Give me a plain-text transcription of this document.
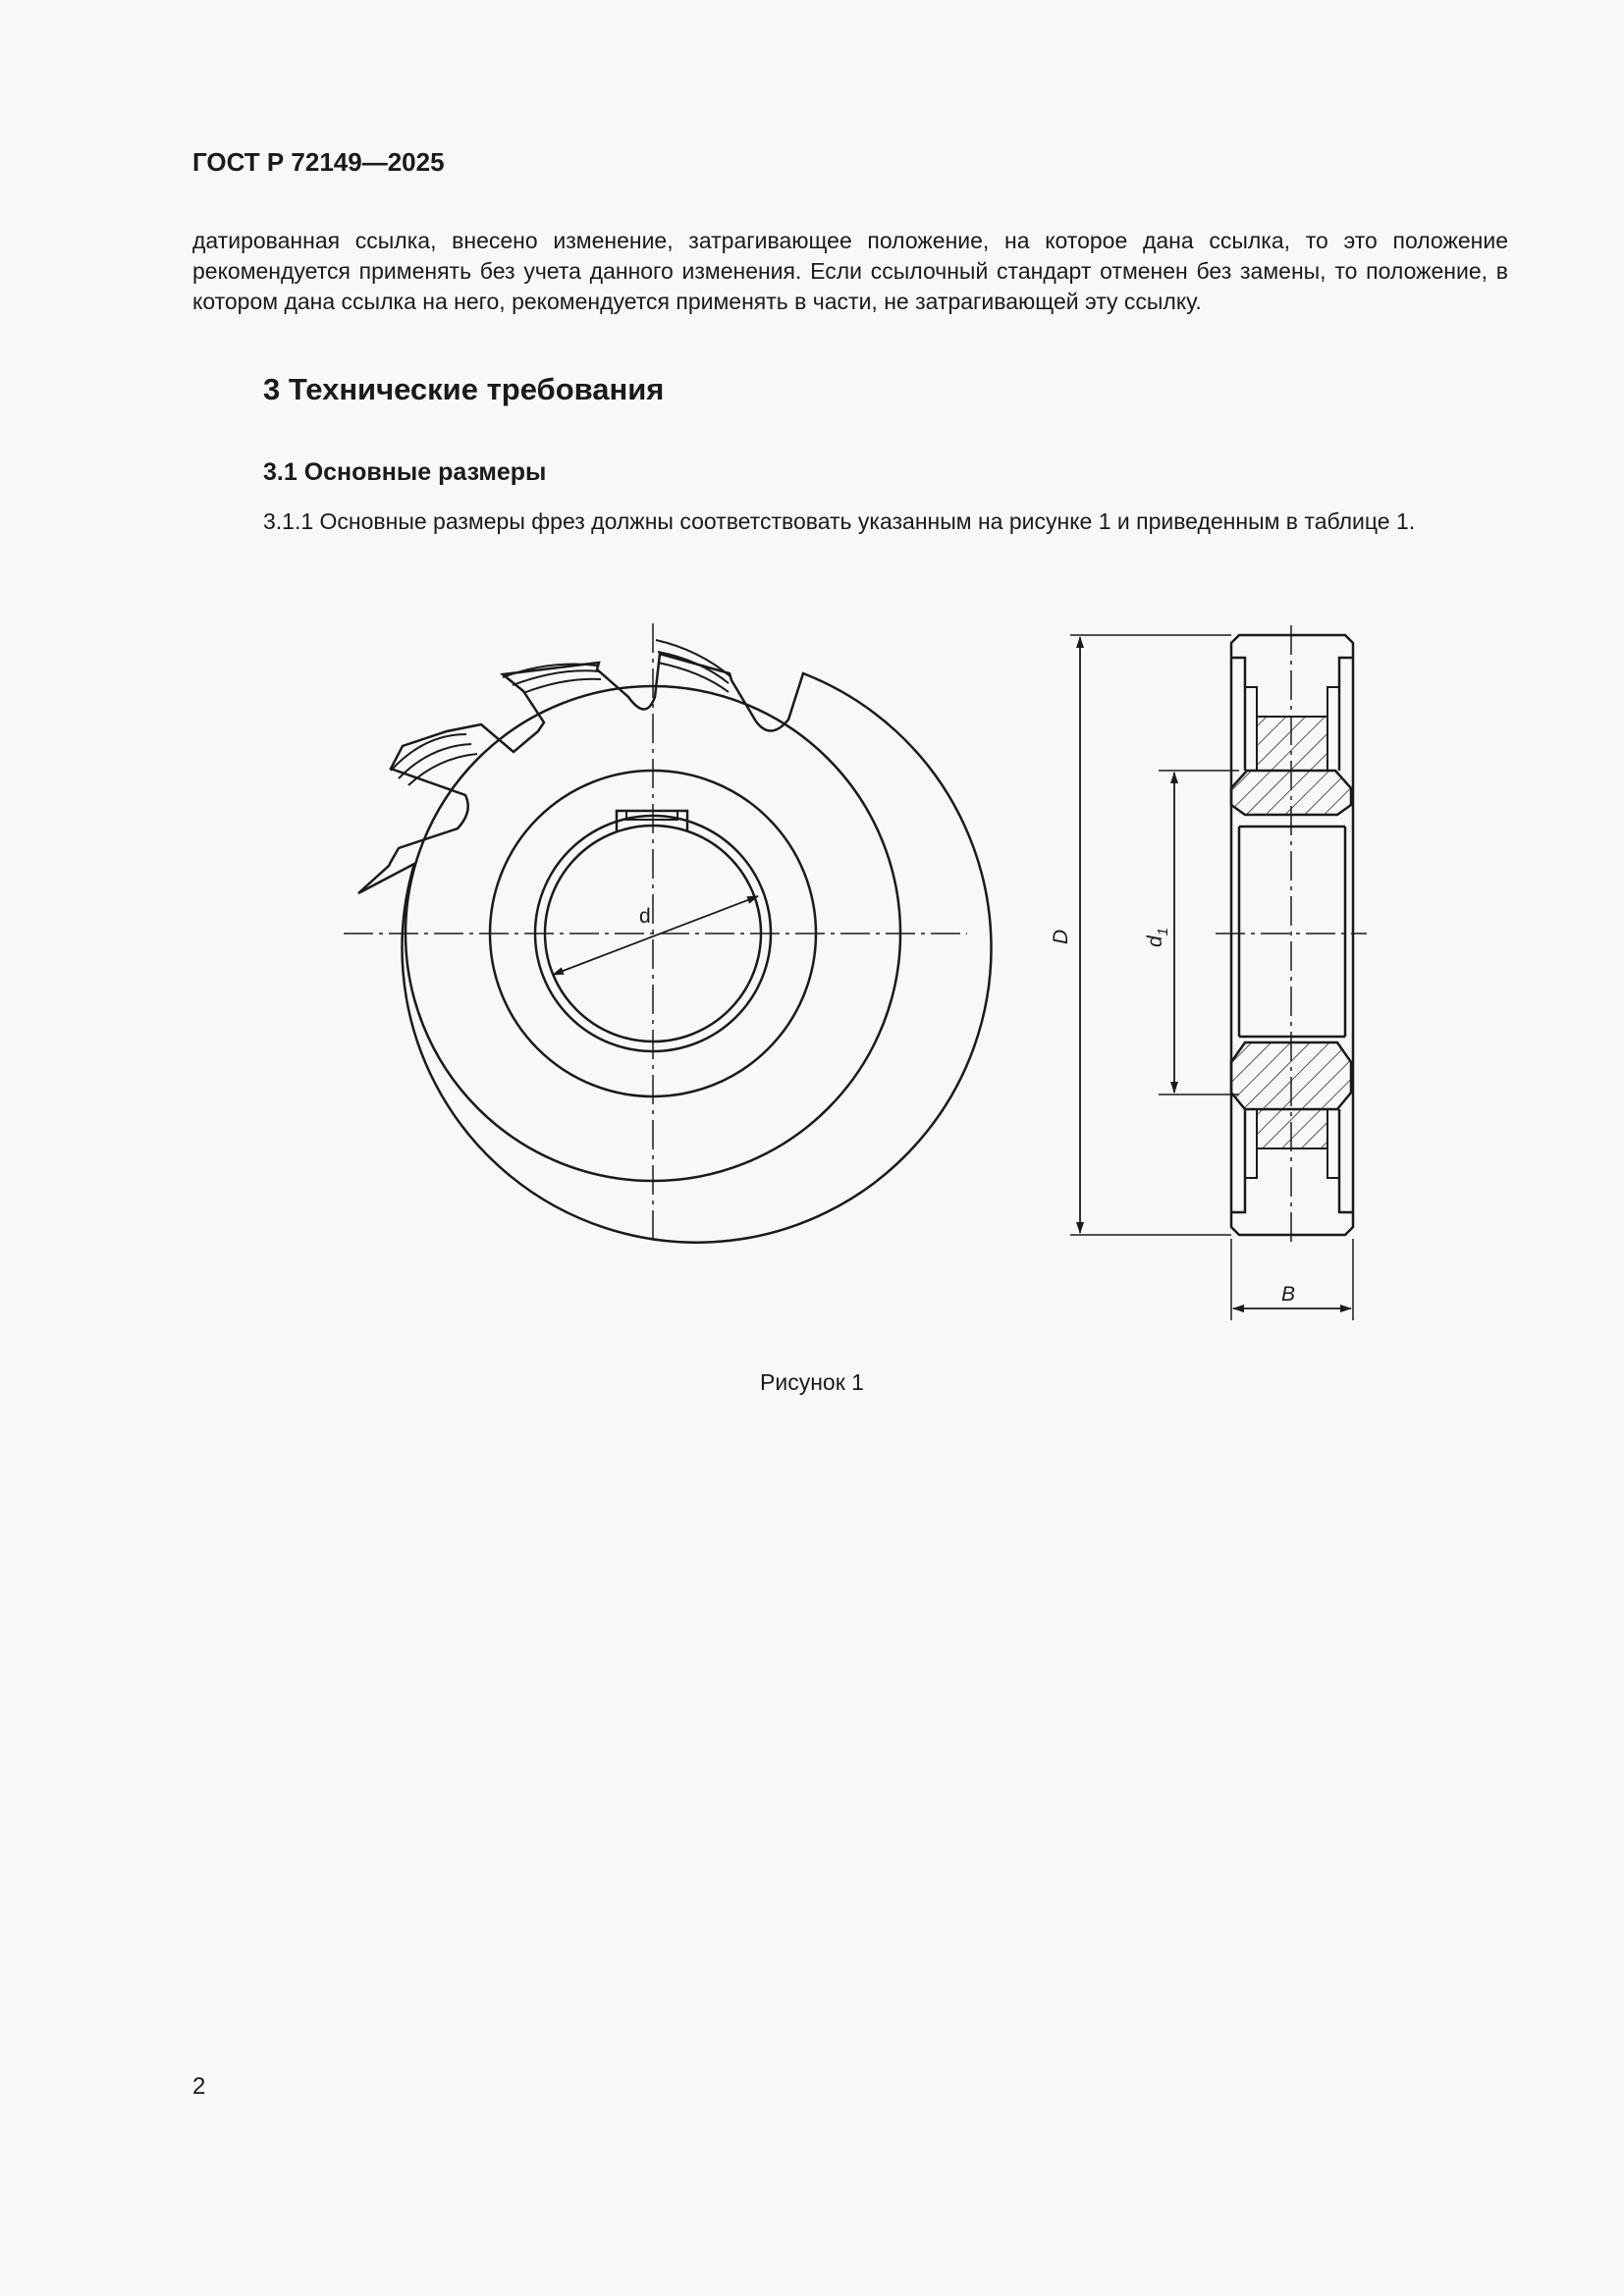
ГОСТ Р 72149—2025
датированная ссылка, внесено изменение, затрагивающее положение, на которое дана ссылка, то это положение рекомендуется применять без учета данного изменения. Если ссылочный стандарт отменен без замены, то положение, в котором дана ссылка на него, рекомендуется применять в части, не затрагивающей эту ссылку.
3 Технические требования
3.1 Основные размеры
3.1.1 Основные размеры фрез должны соответствовать указанным на рисунке 1 и приведенным в таблице 1.
d
D	$d_1$
B
Рисунок 1
2
